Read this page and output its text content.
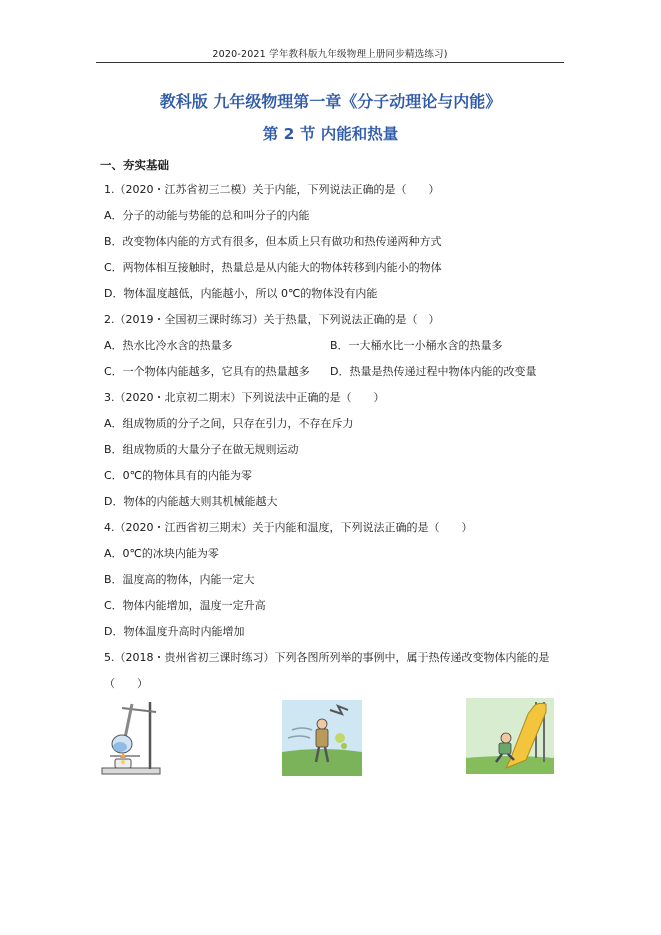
2020-2021 学年教科版九年级物理上册同步精选练习)
教科版 九年级物理第一章《分子动理论与内能》
第 2 节 内能和热量
一、夯实基础
1.（2020・江苏省初三二模）关于内能，下列说法正确的是（　　）
A．分子的动能与势能的总和叫分子的内能
B．改变物体内能的方式有很多，但本质上只有做功和热传递两种方式
C．两物体相互接触时，热量总是从内能大的物体转移到内能小的物体
D．物体温度越低，内能越小，所以 0℃的物体没有内能
2.（2019・全国初三课时练习）关于热量，下列说法正确的是（　）
A．热水比冷水含的热量多	B．一大桶水比一小桶水含的热量多
C．一个物体内能越多，它具有的热量越多 D．热量是热传递过程中物体内能的改变量
3.（2020・北京初二期末）下列说法中正确的是（　　）
A．组成物质的分子之间，只存在引力，不存在斥力
B．组成物质的大量分子在做无规则运动
C．0℃的物体具有的内能为零
D．物体的内能越大则其机械能越大
4.（2020・江西省初三期末）关于内能和温度，下列说法正确的是（　　）
A．0℃的冰块内能为零
B．温度高的物体，内能一定大
C．物体内能增加，温度一定升高
D．物体温度升高时内能增加
5.（2018・贵州省初三课时练习）下列各图所列举的事例中，属于热传递改变物体内能的是
（　　）
